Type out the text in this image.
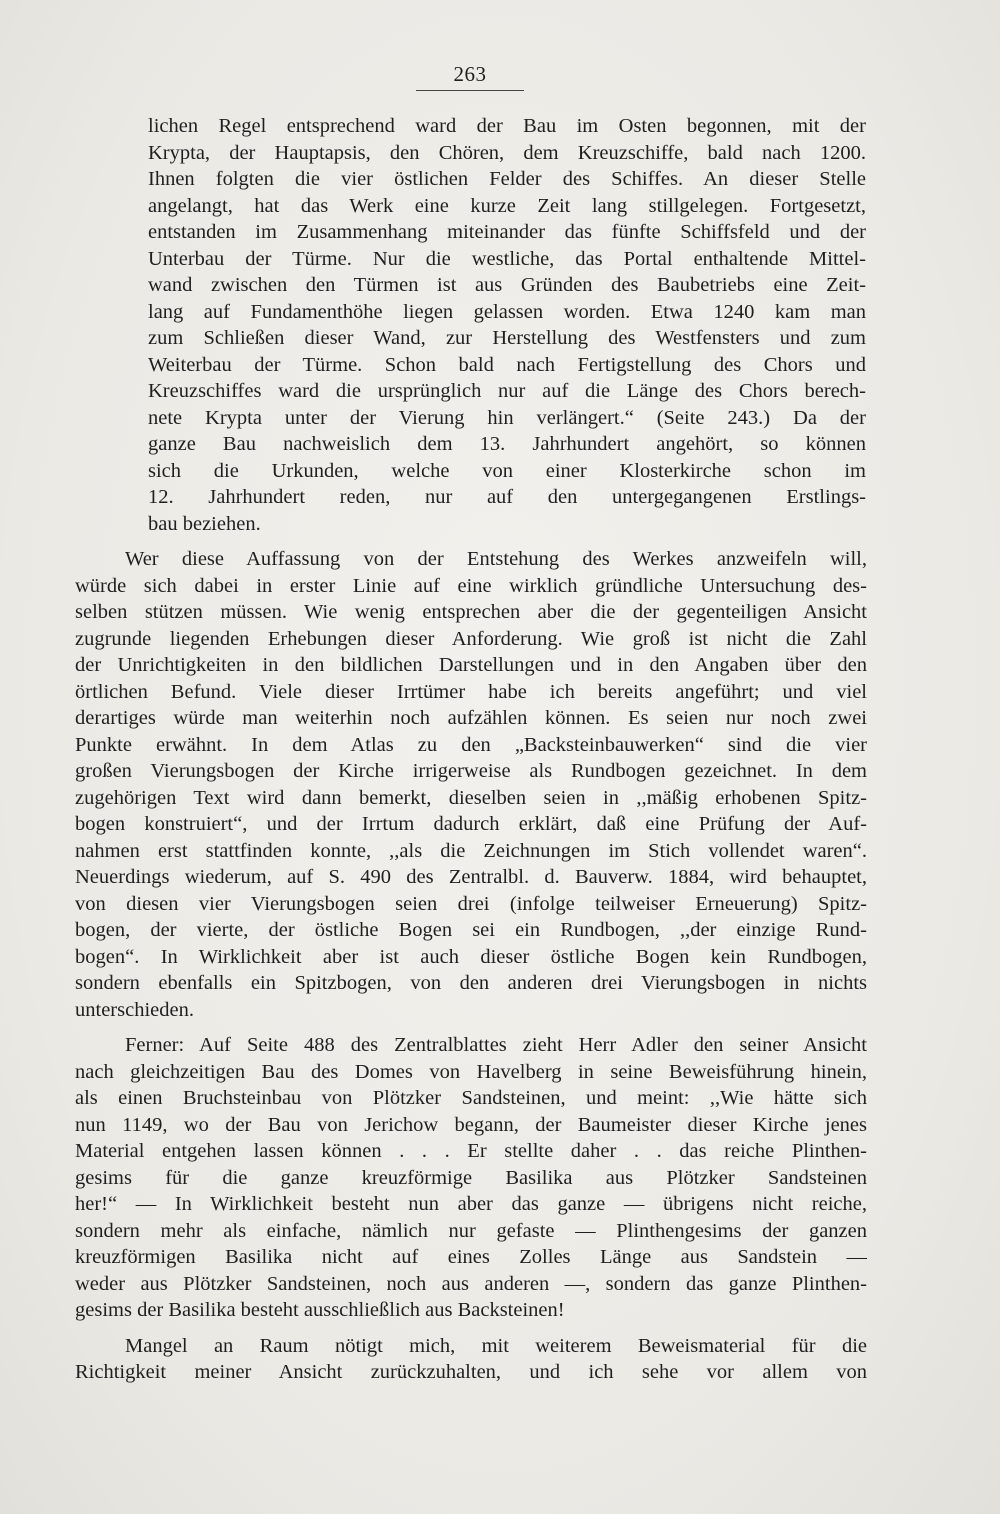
263
lichen Regel entsprechend ward der Bau im Osten begonnen, mit der
Krypta, der Hauptapsis, den Chören, dem Kreuzschiffe, bald nach 1200.
Ihnen folgten die vier östlichen Felder des Schiffes. An dieser Stelle
angelangt, hat das Werk eine kurze Zeit lang stillgelegen. Fortgesetzt,
entstanden im Zusammenhang miteinander das fünfte Schiffsfeld und der
Unterbau der Türme. Nur die westliche, das Portal enthaltende Mittel-
wand zwischen den Türmen ist aus Gründen des Baubetriebs eine Zeit-
lang auf Fundamenthöhe liegen gelassen worden. Etwa 1240 kam man
zum Schließen dieser Wand, zur Herstellung des Westfensters und zum
Weiterbau der Türme. Schon bald nach Fertigstellung des Chors und
Kreuzschiffes ward die ursprünglich nur auf die Länge des Chors berech-
nete Krypta unter der Vierung hin verlängert.“ (Seite 243.) Da der
ganze Bau nachweislich dem 13. Jahrhundert angehört, so können
sich die Urkunden, welche von einer Klosterkirche schon im
12. Jahrhundert reden, nur auf den untergegangenen Erstlings-
bau beziehen.
Wer diese Auffassung von der Entstehung des Werkes anzweifeln will,
würde sich dabei in erster Linie auf eine wirklich gründliche Untersuchung des-
selben stützen müssen. Wie wenig entsprechen aber die der gegenteiligen Ansicht
zugrunde liegenden Erhebungen dieser Anforderung. Wie groß ist nicht die Zahl
der Unrichtigkeiten in den bildlichen Darstellungen und in den Angaben über den
örtlichen Befund. Viele dieser Irrtümer habe ich bereits angeführt; und viel
derartiges würde man weiterhin noch aufzählen können. Es seien nur noch zwei
Punkte erwähnt. In dem Atlas zu den „Backsteinbauwerken“ sind die vier
großen Vierungsbogen der Kirche irrigerweise als Rundbogen gezeichnet. In dem
zugehörigen Text wird dann bemerkt, dieselben seien in ,,mäßig erhobenen Spitz-
bogen konstruiert“, und der Irrtum dadurch erklärt, daß eine Prüfung der Auf-
nahmen erst stattfinden konnte, ,,als die Zeichnungen im Stich vollendet waren“.
Neuerdings wiederum, auf S. 490 des Zentralbl. d. Bauverw. 1884, wird behauptet,
von diesen vier Vierungsbogen seien drei (infolge teilweiser Erneuerung) Spitz-
bogen, der vierte, der östliche Bogen sei ein Rundbogen, ,,der einzige Rund-
bogen“. In Wirklichkeit aber ist auch dieser östliche Bogen kein Rundbogen,
sondern ebenfalls ein Spitzbogen, von den anderen drei Vierungsbogen in nichts
unterschieden.
Ferner: Auf Seite 488 des Zentralblattes zieht Herr Adler den seiner Ansicht
nach gleichzeitigen Bau des Domes von Havelberg in seine Beweisführung hinein,
als einen Bruchsteinbau von Plötzker Sandsteinen, und meint: ,,Wie hätte sich
nun 1149, wo der Bau von Jerichow begann, der Baumeister dieser Kirche jenes
Material entgehen lassen können . . . Er stellte daher . . das reiche Plinthen-
gesims für die ganze kreuzförmige Basilika aus Plötzker Sandsteinen
her!“ — In Wirklichkeit besteht nun aber das ganze — übrigens nicht reiche,
sondern mehr als einfache, nämlich nur gefaste — Plinthengesims der ganzen
kreuzförmigen Basilika nicht auf eines Zolles Länge aus Sandstein —
weder aus Plötzker Sandsteinen, noch aus anderen —, sondern das ganze Plinthen-
gesims der Basilika besteht ausschließlich aus Backsteinen!
Mangel an Raum nötigt mich, mit weiterem Beweismaterial für die
Richtigkeit meiner Ansicht zurückzuhalten, und ich sehe vor allem von
